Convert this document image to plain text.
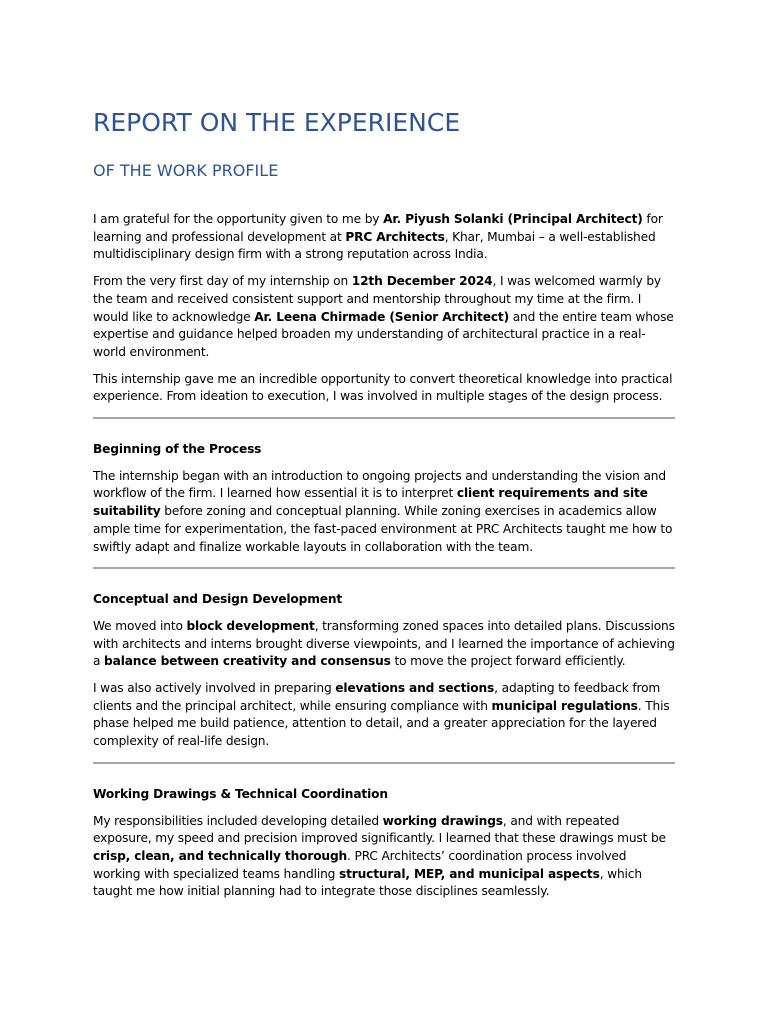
REPORT ON THE EXPERIENCE
OF THE WORK PROFILE

I am grateful for the opportunity given to me by Ar. Piyush Solanki (Principal Architect) for learning and professional development at PRC Architects, Khar, Mumbai – a well-established multidisciplinary design firm with a strong reputation across India.

From the very first day of my internship on 12th December 2024, I was welcomed warmly by the team and received consistent support and mentorship throughout my time at the firm. I would like to acknowledge Ar. Leena Chirmade (Senior Architect) and the entire team whose expertise and guidance helped broaden my understanding of architectural practice in a real-world environment.

This internship gave me an incredible opportunity to convert theoretical knowledge into practical experience. From ideation to execution, I was involved in multiple stages of the design process.

Beginning of the Process

The internship began with an introduction to ongoing projects and understanding the vision and workflow of the firm. I learned how essential it is to interpret client requirements and site suitability before zoning and conceptual planning. While zoning exercises in academics allow ample time for experimentation, the fast-paced environment at PRC Architects taught me how to swiftly adapt and finalize workable layouts in collaboration with the team.

Conceptual and Design Development

We moved into block development, transforming zoned spaces into detailed plans. Discussions with architects and interns brought diverse viewpoints, and I learned the importance of achieving a balance between creativity and consensus to move the project forward efficiently.

I was also actively involved in preparing elevations and sections, adapting to feedback from clients and the principal architect, while ensuring compliance with municipal regulations. This phase helped me build patience, attention to detail, and a greater appreciation for the layered complexity of real-life design.

Working Drawings & Technical Coordination

My responsibilities included developing detailed working drawings, and with repeated exposure, my speed and precision improved significantly. I learned that these drawings must be crisp, clean, and technically thorough. PRC Architects’ coordination process involved working with specialized teams handling structural, MEP, and municipal aspects, which taught me how initial planning had to integrate those disciplines seamlessly.
